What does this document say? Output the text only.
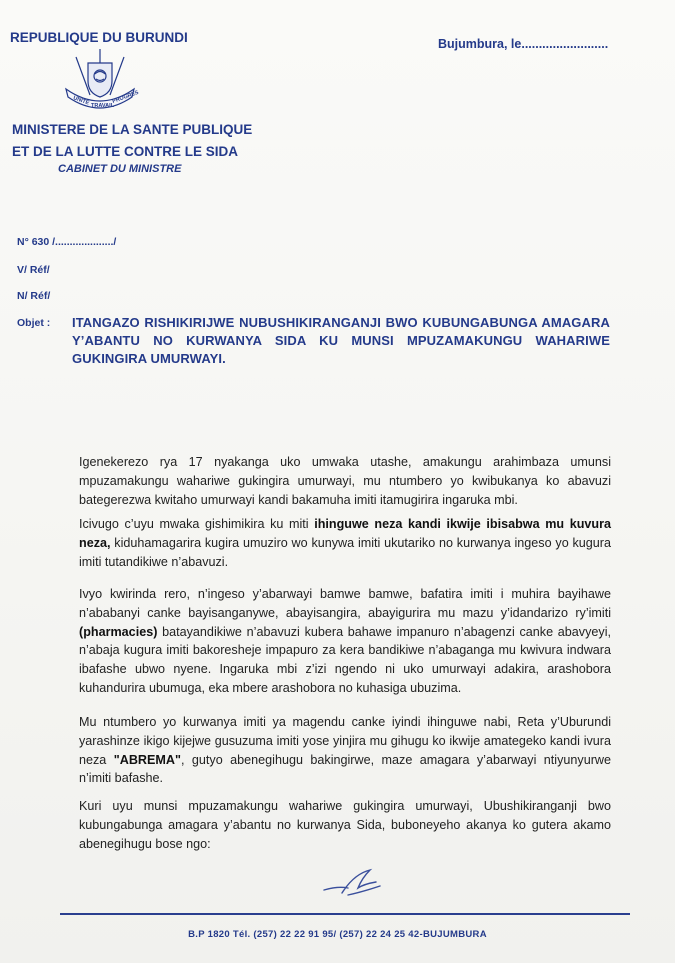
REPUBLIQUE DU BURUNDI	Bujumbura, le.........................
UNITE TRAVAIL
PROGRES
MINISTERE DE LA SANTE PUBLIQUE
ET DE LA LUTTE CONTRE LE SIDA
CABINET DU MINISTRE
N° 630 /..................../
V/ Réf/
N/ Réf/
Objet : ITANGAZO RISHIKIRIJWE NUBUSHIKIRANGANJI BWO KUBUNGABUNGA AMAGARA Y’ABANTU NO KURWANYA SIDA KU MUNSI MPUZAMAKUNGU WAHARIWE GUKINGIRA UMURWAYI.
Igenekerezo rya 17 nyakanga uko umwaka utashe, amakungu arahimbaza umunsi mpuzamakungu wahariwe gukingira umurwayi, mu ntumbero yo kwibukanya ko abavuzi bategerezwa kwitaho umurwayi kandi bakamuha imiti itamugirira ingaruka mbi.
Icivugo c’uyu mwaka gishimikira ku miti ihinguwe neza kandi ikwije ibisabwa mu kuvura neza, kiduhamagarira kugira umuziro wo kunywa imiti ukutariko no kurwanya ingeso yo kugura imiti tutandikiwe n’abavuzi.
Ivyo kwirinda rero, n’ingeso y’abarwayi bamwe bamwe, bafatira imiti i muhira bayihawe n’ababanyi canke bayisanganywe, abayisangira, abayigurira mu mazu y’idandarizo ry’imiti (pharmacies) batayandikiwe n’abavuzi kubera bahawe impanuro n’abagenzi canke abavyeyi, n’abaja kugura imiti bakoresheje impapuro za kera bandikiwe n’abaganga mu kwivura indwara ibafashe ubwo nyene. Ingaruka mbi z’izi ngendo ni uko umurwayi adakira, arashobora kuhandurira ubumuga, eka mbere arashobora no kuhasiga ubuzima.
Mu ntumbero yo kurwanya imiti ya magendu canke iyindi ihinguwe nabi, Reta y’Uburundi yarashinze ikigo kijejwe gusuzuma imiti yose yinjira mu gihugu ko ikwije amategeko kandi ivura neza "ABREMA", gutyo abenegihugu bakingirwe, maze amagara y’abarwayi ntiyunyurwe n’imiti bafashe.
Kuri uyu munsi mpuzamakungu wahariwe gukingira umurwayi, Ubushikiranganji bwo kubungabunga amagara y’abantu no kurwanya Sida, buboneyeho akanya ko gutera akamo abenegihugu bose ngo:
B.P 1820 Tél. (257) 22 22 91 95/ (257) 22 24 25 42-BUJUMBURA
